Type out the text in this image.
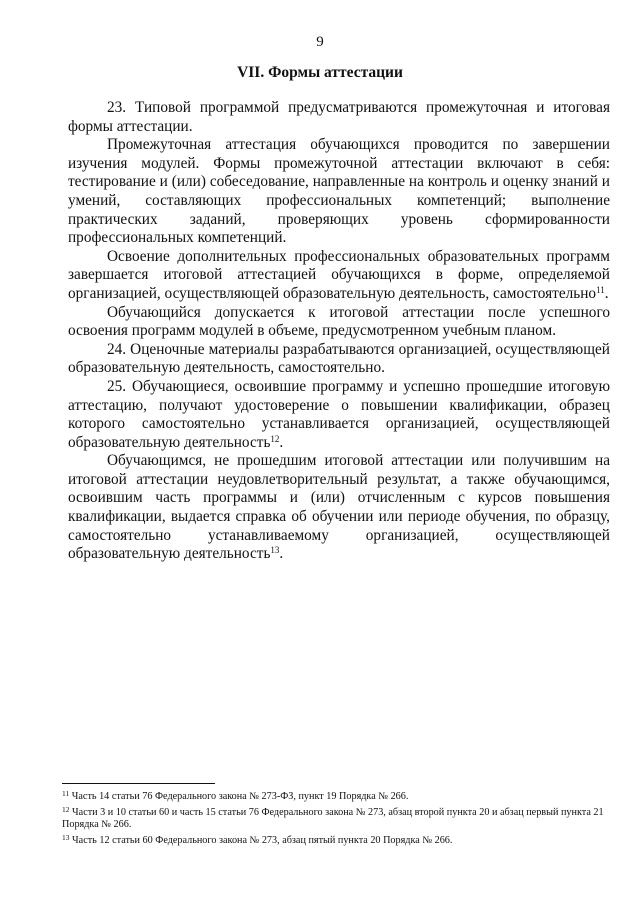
9
VII. Формы аттестации

23. Типовой программой предусматриваются промежуточная и итоговая формы аттестации.

Промежуточная аттестация обучающихся проводится по завершении изучения модулей. Формы промежуточной аттестации включают в себя: тестирование и (или) собеседование, направленные на контроль и оценку знаний и умений, составляющих профессиональных компетенций; выполнение практических заданий, проверяющих уровень сформированности профессиональных компетенций.

Освоение дополнительных профессиональных образовательных программ завершается итоговой аттестацией обучающихся в форме, определяемой организацией, осуществляющей образовательную деятельность, самостоятельно$^{11}$.

Обучающийся допускается к итоговой аттестации после успешного освоения программ модулей в объеме, предусмотренном учебным планом.

24. Оценочные материалы разрабатываются организацией, осуществляющей образовательную деятельность, самостоятельно.

25. Обучающиеся, освоившие программу и успешно прошедшие итоговую аттестацию, получают удостоверение о повышении квалификации, образец которого самостоятельно устанавливается организацией, осуществляющей образовательную деятельность$^{12}$.

Обучающимся, не прошедшим итоговой аттестации или получившим на итоговой аттестации неудовлетворительный результат, а также обучающимся, освоившим часть программы и (или) отчисленным с курсов повышения квалификации, выдается справка об обучении или периоде обучения, по образцу, самостоятельно устанавливаемому организацией, осуществляющей образовательную деятельность$^{13}$.

$^{11}$ Часть 14 статьи 76 Федерального закона № 273-ФЗ, пункт 19 Порядка № 266.

$^{12}$ Части 3 и 10 статьи 60 и часть 15 статьи 76 Федерального закона № 273, абзац второй пункта 20 и абзац первый пункта 21 Порядка № 266.

$^{13}$ Часть 12 статьи 60 Федерального закона № 273, абзац пятый пункта 20 Порядка № 266.
